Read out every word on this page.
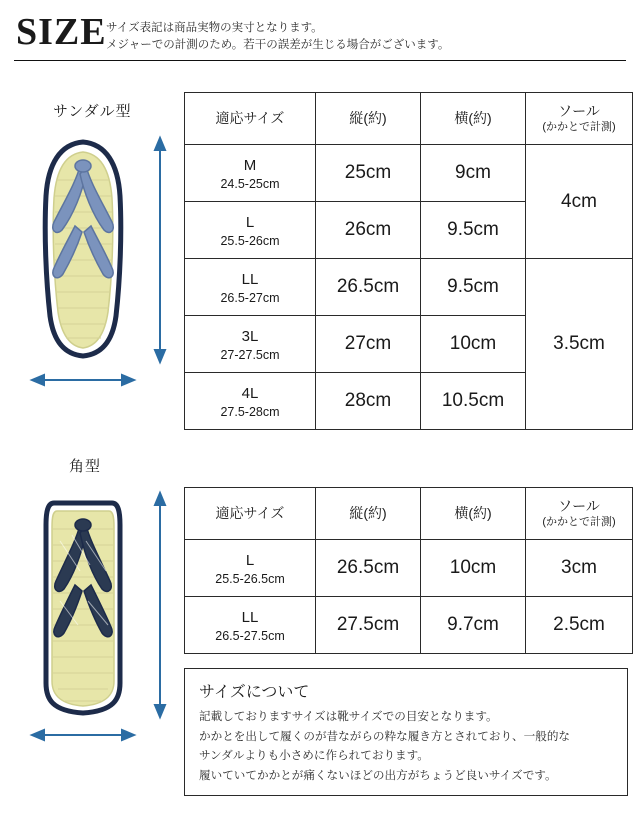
SIZE サイズ表記は商品実物の実寸となります。
メジャーでの計測のため。若干の誤差が生じる場合がございます。
サンダル型	適応サイズ	縦(約)	横(約)	ソール
(かかとで計測)

M
24.5-25cm	25cm	9cm	4cm
L
25.5-26cm	26cm	9.5cm	
LL
26.5-27cm	26.5cm	9.5cm	3.5cm
3L
27-27.5cm	27cm	10cm	
4L
27.5-28cm	28cm	10.5cm	
角型
適応サイズ	縦(約)	横(約)	ソール
(かかとで計測)

L
25.5-26.5cm	26.5cm	10cm	3cm
LL
26.5-27.5cm	27.5cm	9.7cm	2.5cm
サイズについて
記載しておりますサイズは靴サイズでの目安となります。
かかとを出して履くのが昔ながらの粋な履き方とされており、一般的な
サンダルよりも小さめに作られております。
履いていてかかとが痛くないほどの出方がちょうど良いサイズです。
